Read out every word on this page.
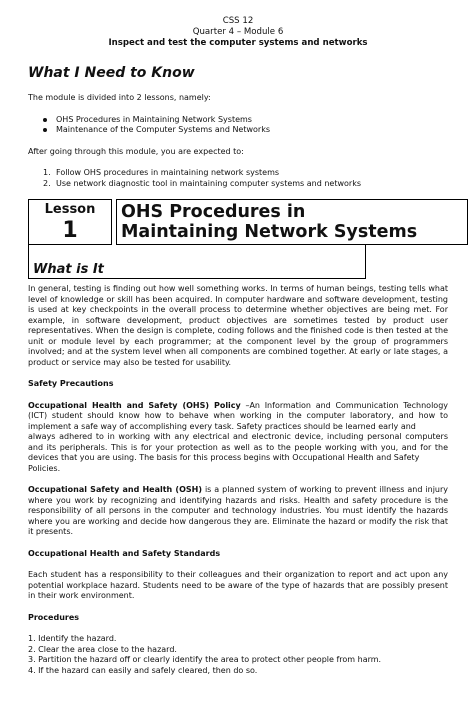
CSS 12
Quarter 4 – Module 6
Inspect and test the computer systems and networks
What I Need to Know

The module is divided into 2 lessons, namely:

OHS Procedures in Maintaining Network Systems
Maintenance of the Computer Systems and Networks

After going through this module, you are expected to:

1. Follow OHS procedures in maintaining network systems
2. Use network diagnostic tool in maintaining computer systems and networks
Lesson
1
OHS Procedures in
Maintaining Network Systems
What is It

In general, testing is finding out how well something works. In terms of human beings, testing tells what level of knowledge or skill has been acquired. In computer hardware and software development, testing is used at key checkpoints in the overall process to determine whether objectives are being met. For example, in software development, product objectives are sometimes tested by product user representatives. When the design is complete, coding follows and the finished code is then tested at the unit or module level by each programmer; at the component level by the group of programmers involved; and at the system level when all components are combined together. At early or late stages, a product or service may also be tested for usability.

Safety Precautions

Occupational Health and Safety (OHS) Policy –An Information and Communication Technology (ICT) student should know how to behave when working in the computer laboratory, and how to implement a safe way of accomplishing every task. Safety practices should be learned early and

always adhered to in working with any electrical and electronic device, including personal computers and its peripherals. This is for your protection as well as to the people working with you, and for the devices that you are using. The basis for this process begins with Occupational Health and Safety

Policies.

Occupational Safety and Health (OSH) is a planned system of working to prevent illness and injury where you work by recognizing and identifying hazards and risks. Health and safety procedure is the responsibility of all persons in the computer and technology industries. You must identify the hazards where you are working and decide how dangerous they are. Eliminate the hazard or modify the risk that it presents.

Occupational Health and Safety Standards

Each student has a responsibility to their colleagues and their organization to report and act upon any potential workplace hazard. Students need to be aware of the type of hazards that are possibly present in their work environment.

Procedures

1. Identify the hazard.

2. Clear the area close to the hazard.

3. Partition the hazard off or clearly identify the area to protect other people from harm.

4. If the hazard can easily and safely cleared, then do so.
